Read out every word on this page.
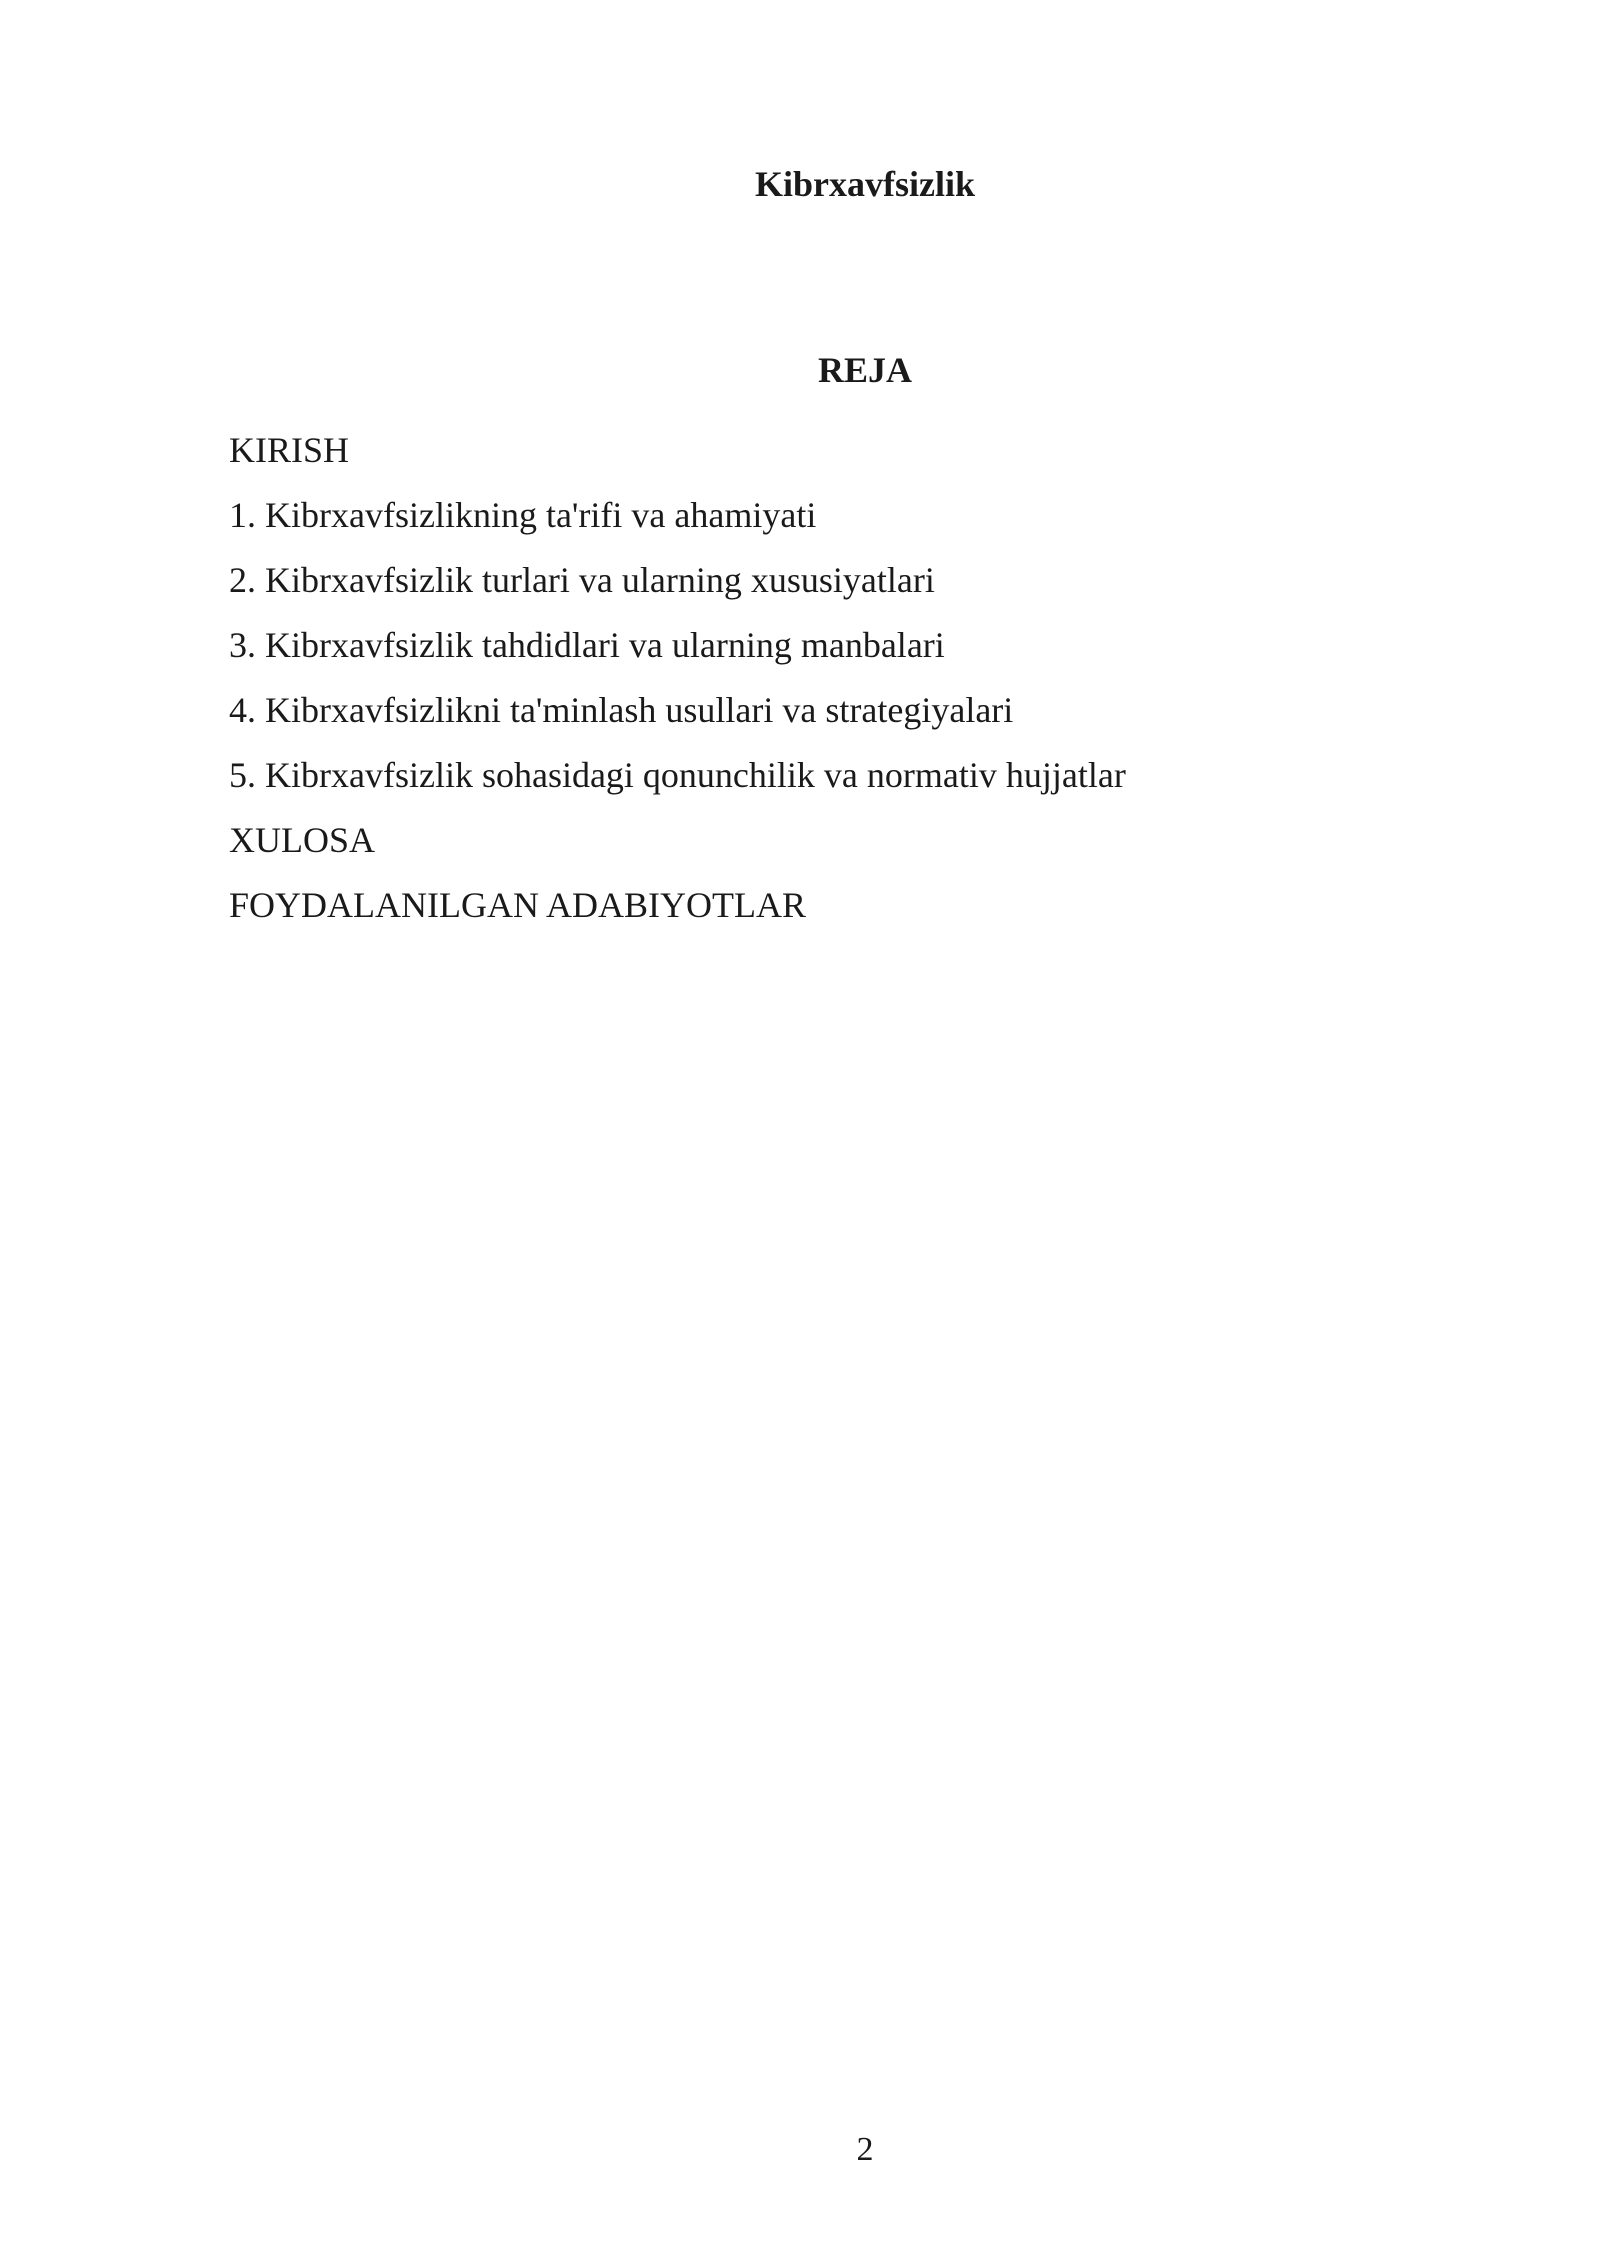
Kibrxavfsizlik
REJA
KIRISH
1. Kibrxavfsizlikning ta'rifi va ahamiyati
2. Kibrxavfsizlik turlari va ularning xususiyatlari
3. Kibrxavfsizlik tahdidlari va ularning manbalari
4. Kibrxavfsizlikni ta'minlash usullari va strategiyalari
5. Kibrxavfsizlik sohasidagi qonunchilik va normativ hujjatlar
XULOSA
FOYDALANILGAN ADABIYOTLAR
2
